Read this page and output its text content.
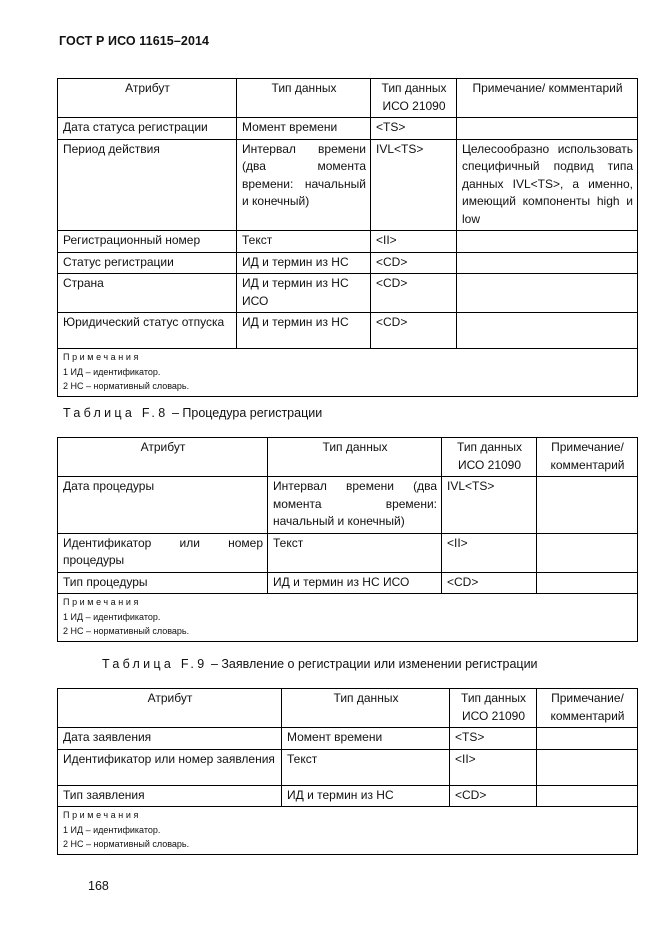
ГОСТ Р ИСО 11615–2014
Атрибут	Тип данных	Тип данных ИСО 21090	Примечание/ комментарий
Дата статуса регистрации	Момент времени	<TS>	
Период действия	Интервал времени (два момента времени: начальный и конечный)	IVL<TS>	Целесообразно использовать специфичный подвид типа данных IVL<TS>, а именно, имеющий компоненты high и low
Регистрационный номер	Текст	<II>	
Статус регистрации	ИД и термин из НС	<CD>	
Страна	ИД и термин из НС ИСО	<CD>	
Юридический статус отпуска	ИД и термин из НС	<CD>	

Примечания
1 ИД – идентификатор.
2 НС – нормативный словарь.			
Таблица F.8 – Процедура регистрации
Атрибут	Тип данных	Тип данных ИСО 21090	Примечание/ комментарий
Дата процедуры	Интервал времени (два момента времени: начальный и конечный)	IVL<TS>	
Идентификатор или номер процедуры	Текст	<II>	
Тип процедуры	ИД и термин из НС ИСО	<CD>	

Примечания
1 ИД – идентификатор.
2 НС – нормативный словарь.			
Таблица F.9 – Заявление о регистрации или изменении регистрации
Атрибут	Тип данных	Тип данных ИСО 21090	Примечание/ комментарий
Дата заявления	Момент времени	<TS>	
Идентификатор или номер заявления	Текст	<II>	
Тип заявления	ИД и термин из НС	<CD>	

Примечания
1 ИД – идентификатор.
2 НС – нормативный словарь.			
168
